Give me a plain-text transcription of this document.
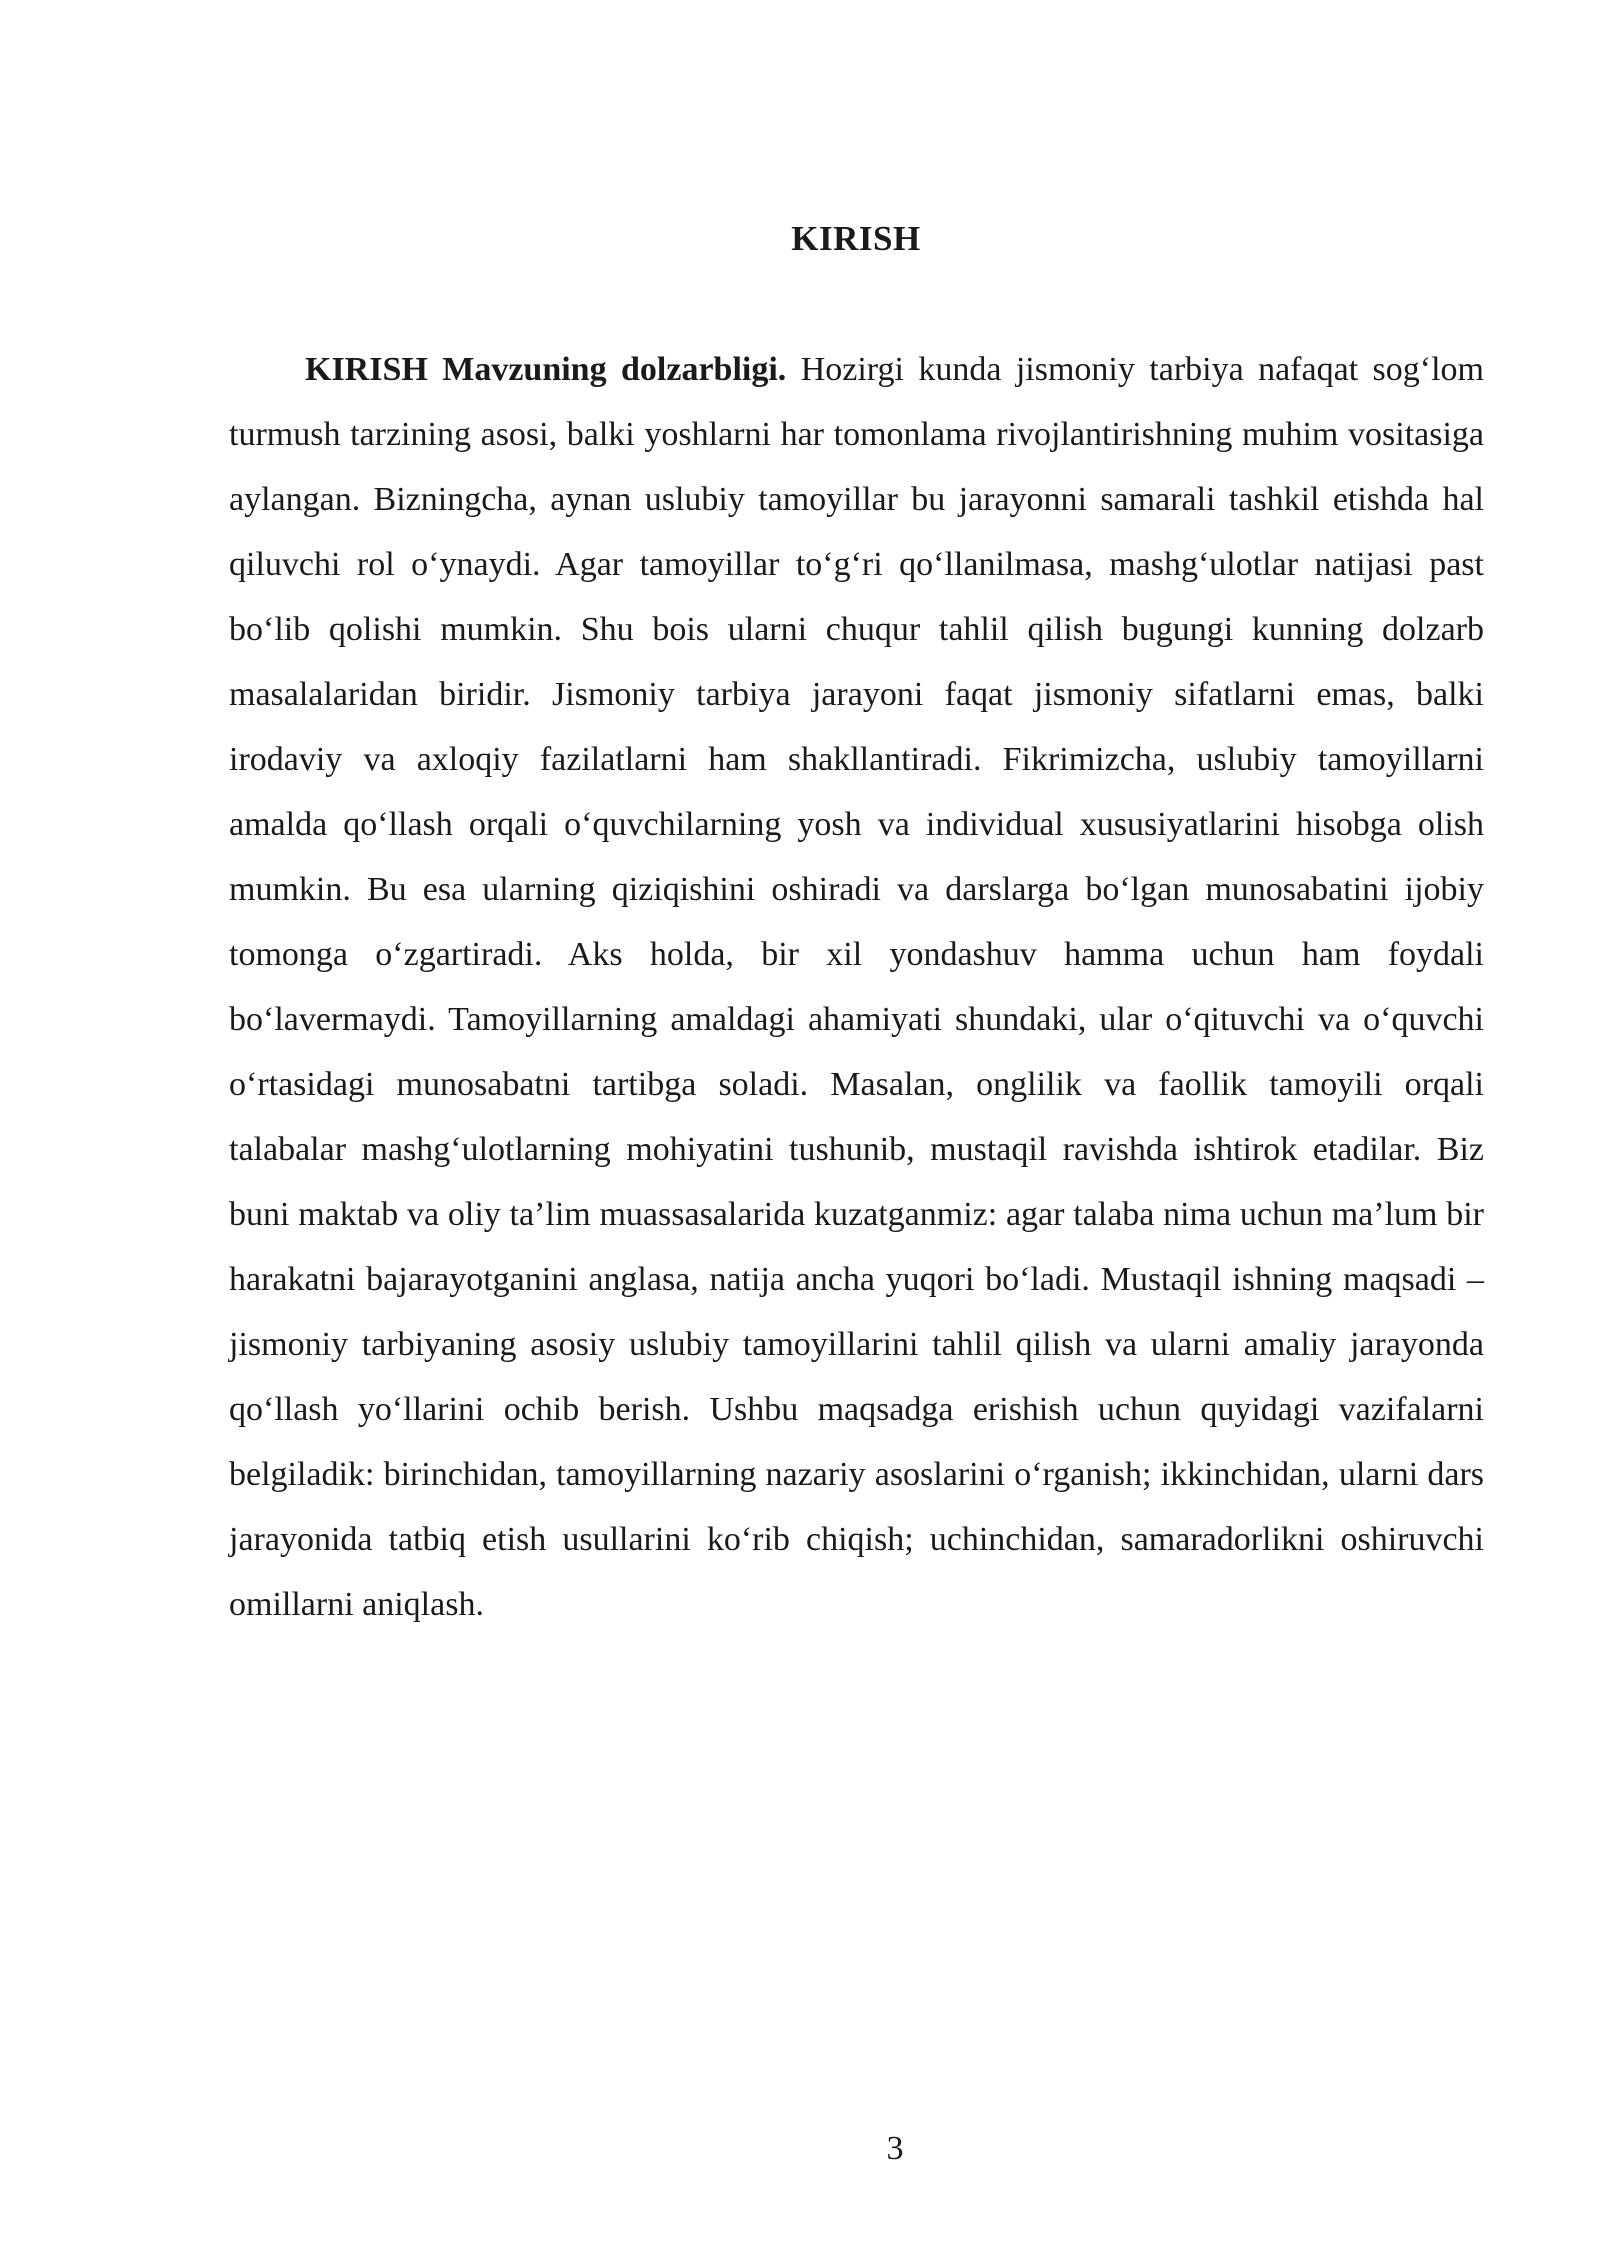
KIRISH

KIRISH Mavzuning dolzarbligi. Hozirgi kunda jismoniy tarbiya nafaqat sog‘lom turmush tarzining asosi, balki yoshlarni har tomonlama rivojlantirishning muhim vositasiga aylangan. Bizningcha, aynan uslubiy tamoyillar bu jarayonni samarali tashkil etishda hal qiluvchi rol o‘ynaydi. Agar tamoyillar to‘g‘ri qo‘llanilmasa, mashg‘ulotlar natijasi past bo‘lib qolishi mumkin. Shu bois ularni chuqur tahlil qilish bugungi kunning dolzarb masalalaridan biridir. Jismoniy tarbiya jarayoni faqat jismoniy sifatlarni emas, balki irodaviy va axloqiy fazilatlarni ham shakllantiradi. Fikrimizcha, uslubiy tamoyillarni amalda qo‘llash orqali o‘quvchilarning yosh va individual xususiyatlarini hisobga olish mumkin. Bu esa ularning qiziqishini oshiradi va darslarga bo‘lgan munosabatini ijobiy tomonga o‘zgartiradi. Aks holda, bir xil yondashuv hamma uchun ham foydali bo‘lavermaydi. Tamoyillarning amaldagi ahamiyati shundaki, ular o‘qituvchi va o‘quvchi o‘rtasidagi munosabatni tartibga soladi. Masalan, onglilik va faollik tamoyili orqali talabalar mashg‘ulotlarning mohiyatini tushunib, mustaqil ravishda ishtirok etadilar. Biz buni maktab va oliy ta’lim muassasalarida kuzatganmiz: agar talaba nima uchun ma’lum bir harakatni bajarayotganini anglasa, natija ancha yuqori bo‘ladi. Mustaqil ishning maqsadi – jismoniy tarbiyaning asosiy uslubiy tamoyillarini tahlil qilish va ularni amaliy jarayonda qo‘llash yo‘llarini ochib berish. Ushbu maqsadga erishish uchun quyidagi vazifalarni belgiladik: birinchidan, tamoyillarning nazariy asoslarini o‘rganish; ikkinchidan, ularni dars jarayonida tatbiq etish usullarini ko‘rib chiqish; uchinchidan, samaradorlikni oshiruvchi omillarni aniqlash.

3
